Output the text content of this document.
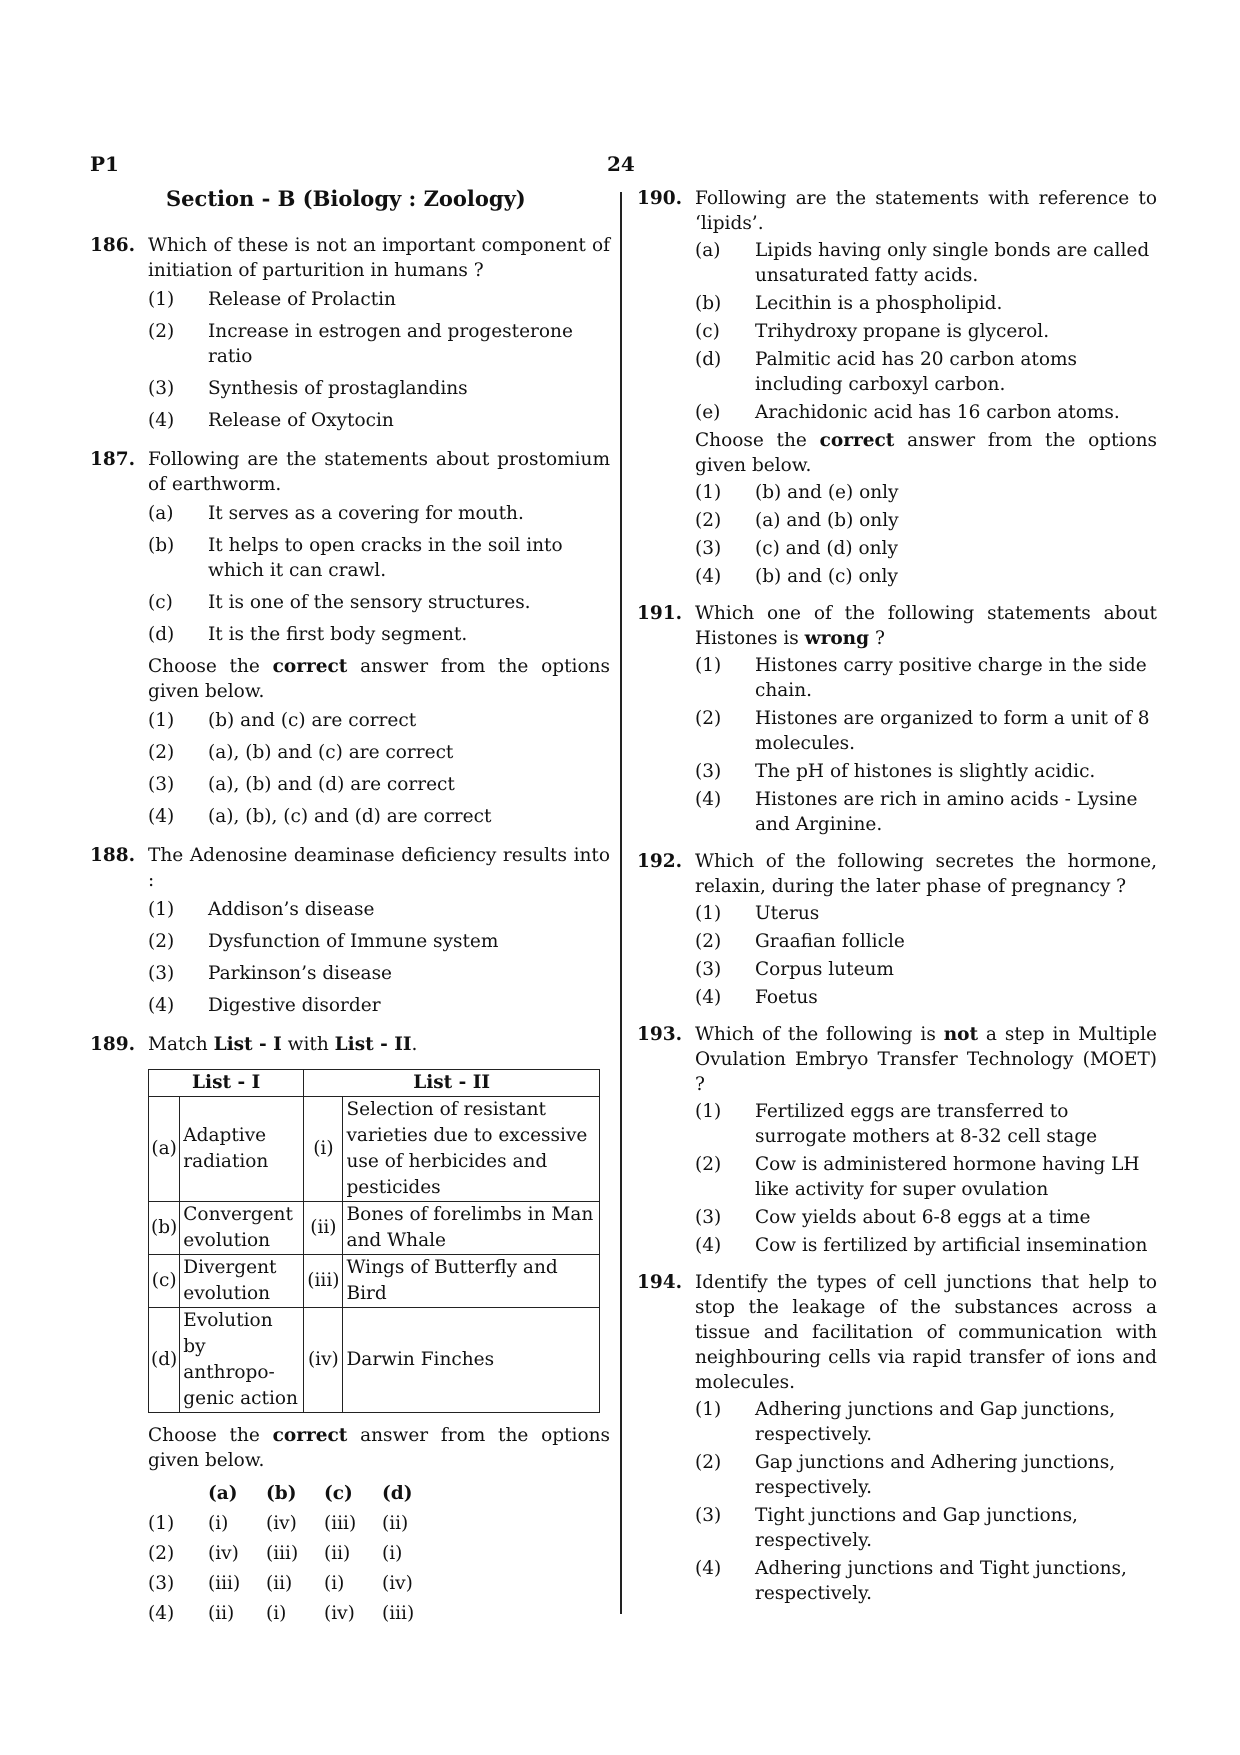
P1	24
Section - B (Biology : Zoology)
186. Which of these is not an important component of initiation of parturition in humans ?
(1)	Release of Prolactin
(2)	Increase in estrogen and progesterone ratio
(3)	Synthesis of prostaglandins
(4)	Release of Oxytocin
187. Following are the statements about prostomium of earthworm.
(a)	It serves as a covering for mouth.
(b)	It helps to open cracks in the soil into which it can crawl.
(c)	It is one of the sensory structures.
(d)	It is the first body segment.
Choose the correct answer from the options given below.
(1)	(b) and (c) are correct
(2)	(a), (b) and (c) are correct
(3)	(a), (b) and (d) are correct
(4)	(a), (b), (c) and (d) are correct
188. The Adenosine deaminase deficiency results into :
(1)	Addison’s disease
(2)	Dysfunction of Immune system
(3)	Parkinson’s disease
(4)	Digestive disorder
189. Match List - I with List - II.
List - I		List - II	
(a)	Adaptive radiation	(i)	Selection of resistant varieties due to excessive use of herbicides and pesticides
(b)	Convergent evolution	(ii)	Bones of forelimbs in Man and Whale
(c)	Divergent evolution	(iii)	Wings of Butterfly and Bird
(d)	Evolution by anthropo-genic action	(iv)	Darwin Finches
Choose the correct answer from the options given below.
(a)	(b)	(c)	(d)
(1)	(i)	(iv)	(iii)	(ii)
(2)	(iv)	(iii)	(ii)	(i)
(3)	(iii)	(ii)	(i)	(iv)
(4)	(ii)	(i)	(iv)	(iii)
190. Following are the statements with reference to ‘lipids’.
(a)	Lipids having only single bonds are called unsaturated fatty acids.
(b)	Lecithin is a phospholipid.
(c)	Trihydroxy propane is glycerol.
(d)	Palmitic acid has 20 carbon atoms including carboxyl carbon.
(e)	Arachidonic acid has 16 carbon atoms.
Choose the correct answer from the options given below.
(1)	(b) and (e) only
(2)	(a) and (b) only
(3)	(c) and (d) only
(4)	(b) and (c) only
191. Which one of the following statements about Histones is wrong ?
(1)	Histones carry positive charge in the side chain.
(2)	Histones are organized to form a unit of 8 molecules.
(3)	The pH of histones is slightly acidic.
(4)	Histones are rich in amino acids - Lysine and Arginine.
192. Which of the following secretes the hormone, relaxin, during the later phase of pregnancy ?
(1)	Uterus
(2)	Graafian follicle
(3)	Corpus luteum
(4)	Foetus
193. Which of the following is not a step in Multiple Ovulation Embryo Transfer Technology (MOET) ?
(1)	Fertilized eggs are transferred to surrogate mothers at 8-32 cell stage
(2)	Cow is administered hormone having LH like activity for super ovulation
(3)	Cow yields about 6-8 eggs at a time
(4)	Cow is fertilized by artificial insemination
194. Identify the types of cell junctions that help to stop the leakage of the substances across a tissue and facilitation of communication with neighbouring cells via rapid transfer of ions and molecules.
(1)	Adhering junctions and Gap junctions, respectively.
(2)	Gap junctions and Adhering junctions, respectively.
(3)	Tight junctions and Gap junctions, respectively.
(4)	Adhering junctions and Tight junctions, respectively.
